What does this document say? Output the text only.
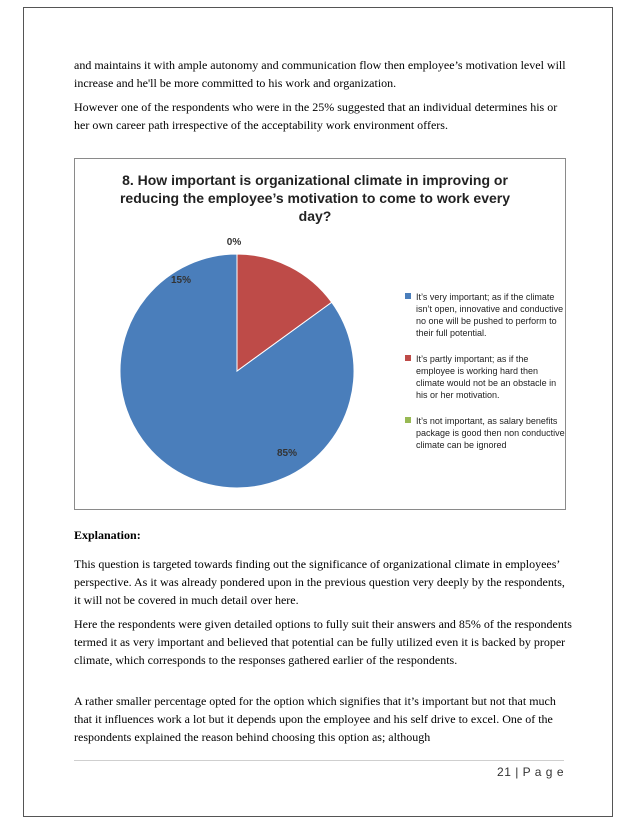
and maintains it with ample autonomy and communication flow then employee’s motivation level will increase and he'll be more committed to his work and organization.

However one of the respondents who were in the 25% suggested that an individual determines his or her own career path irrespective of the acceptability work environment offers.

85%
15%
0%

8. How important is organizational climate in improving or reducing the employee’s motivation to come to work every day?

It’s very important; as if the climate isn’t open, innovative and conductive no one will be pushed to perform to their full potential.
It’s partly important; as if the employee is working hard then climate would not be an obstacle in his or her motivation.
It’s not important, as salary benefits package is good then non conductive climate can be ignored

Explanation:

This question is targeted towards finding out the significance of organizational climate in employees’ perspective. As it was already pondered upon in the previous question very deeply by the respondents, it will not be covered in much detail over here.

Here the respondents were given detailed options to fully suit their answers and 85% of the respondents termed it as very important and believed that potential can be fully utilized even it is backed by proper climate, which corresponds to the responses gathered earlier of the respondents.

A rather smaller percentage opted for the option which signifies that it’s important but not that much that it influences work a lot but it depends upon the employee and his self drive to excel. One of the respondents explained the reason behind choosing this option as; although

21 | P a g e
